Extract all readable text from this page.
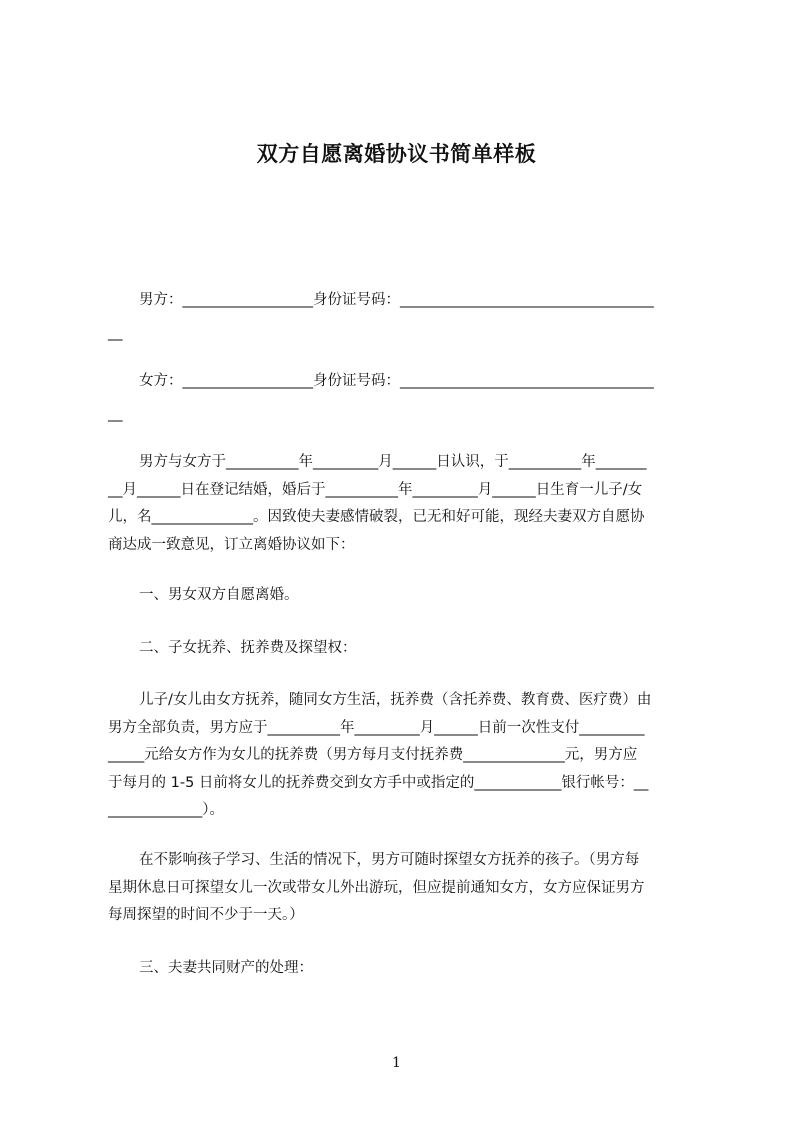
双方自愿离婚协议书简单样板
男方：__________________身份证号码：___________________________________
__
女方：__________________身份证号码：___________________________________
__
男方与女方于__________年_________月______日认识，于__________年_______
__月______日在登记结婚，婚后于__________年_________月______日生育一儿子/女
儿，名______________。因致使夫妻感情破裂，已无和好可能，现经夫妻双方自愿协
商达成一致意见，订立离婚协议如下：
一、男女双方自愿离婚。
二、子女抚养、抚养费及探望权：
儿子/女儿由女方抚养，随同女方生活，抚养费（含托养费、教育费、医疗费）由
男方全部负责，男方应于__________年_________月______日前一次性支付_________
_____元给女方作为女儿的抚养费（男方每月支付抚养费______________元，男方应
于每月的 1-5 日前将女儿的抚养费交到女方手中或指定的____________银行帐号：__
_____________）。
在不影响孩子学习、生活的情况下，男方可随时探望女方抚养的孩子。（男方每
星期休息日可探望女儿一次或带女儿外出游玩，但应提前通知女方，女方应保证男方
每周探望的时间不少于一天。）
三、夫妻共同财产的处理：
1
